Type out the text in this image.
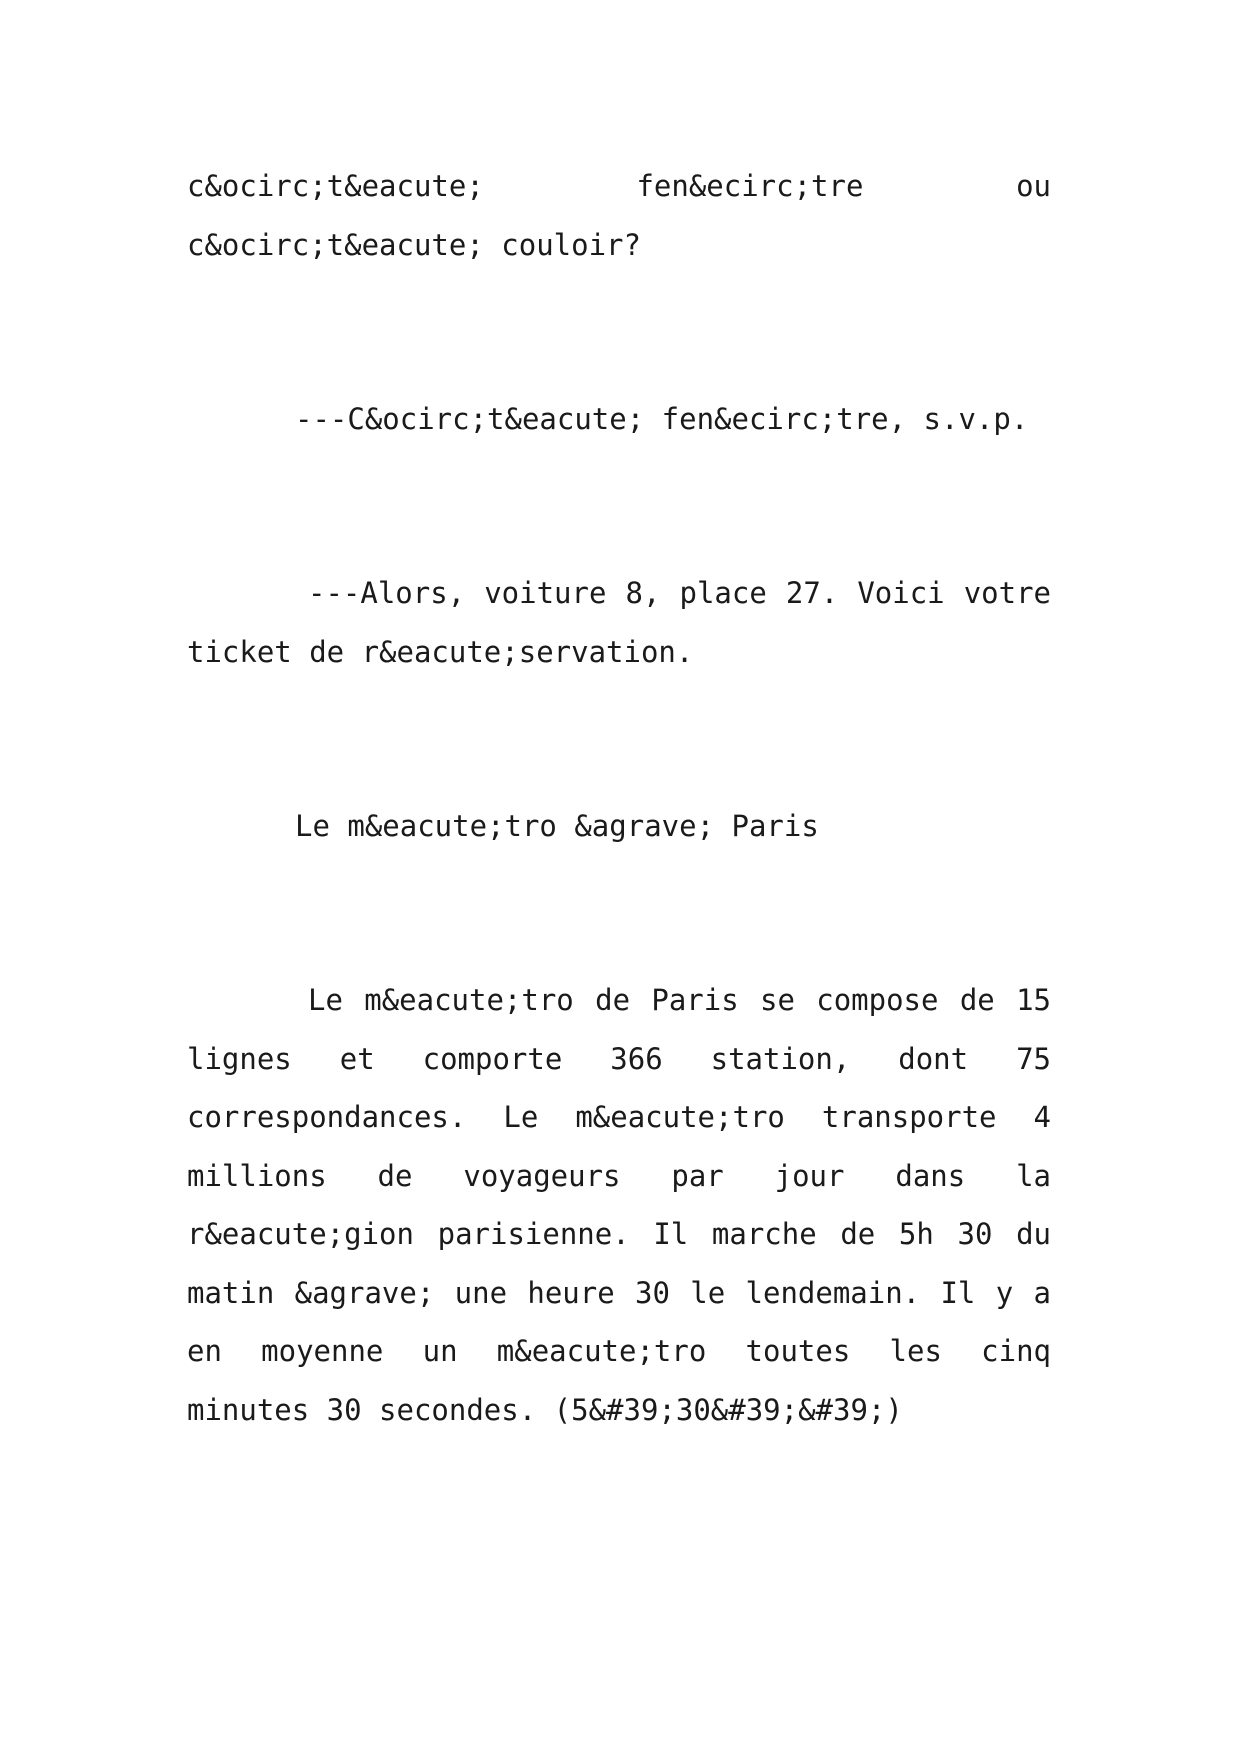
c&ocirc;t&eacute; fen&ecirc;tre ou c&ocirc;t&eacute; couloir?

---C&ocirc;t&eacute; fen&ecirc;tre, s.v.p.

---Alors, voiture 8, place 27. Voici votre ticket de r&eacute;servation.

Le m&eacute;tro &agrave; Paris

Le m&eacute;tro de Paris se compose de 15 lignes et comporte 366 station, dont 75 correspondances. Le m&eacute;tro transporte 4 millions de voyageurs par jour dans la r&eacute;gion parisienne. Il marche de 5h 30 du matin &agrave; une heure 30 le lendemain. Il y a en moyenne un m&eacute;tro toutes les cinq minutes 30 secondes. (5&#39;30&#39;&#39;)
